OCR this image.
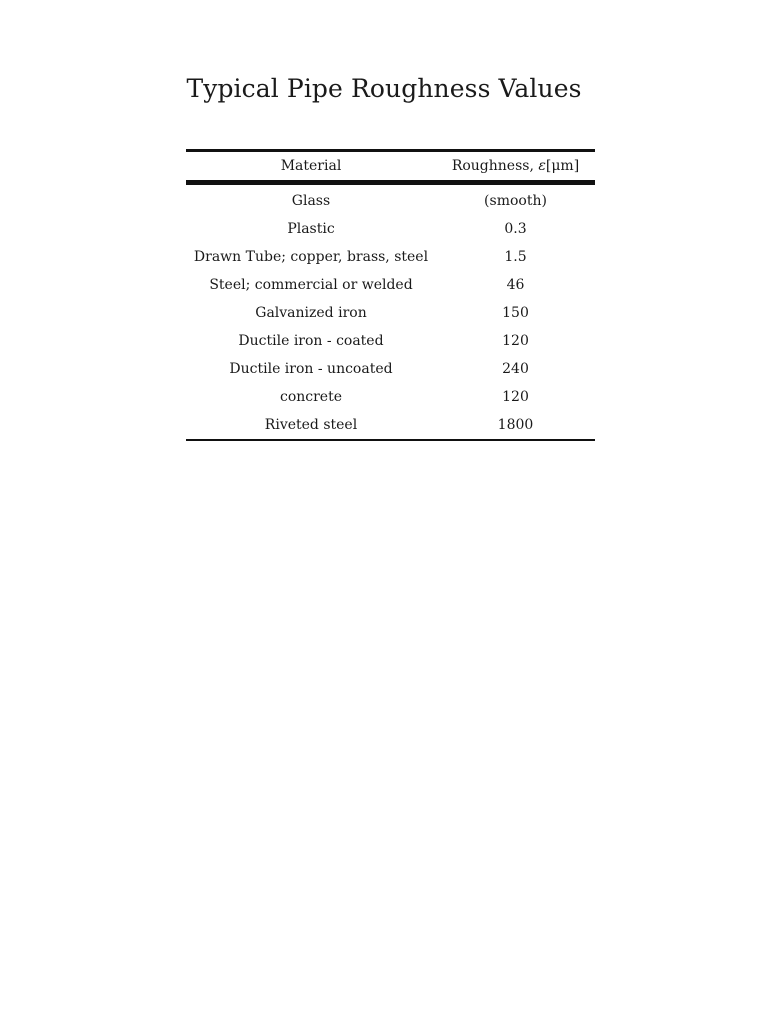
Typical Pipe Roughness Values
Material	Roughness, ε[μm]
Glass	(smooth)
Plastic	0.3
Drawn Tube; copper, brass, steel	1.5
Steel; commercial or welded	46
Galvanized iron	150
Ductile iron - coated	120
Ductile iron - uncoated	240
concrete	120
Riveted steel	1800
